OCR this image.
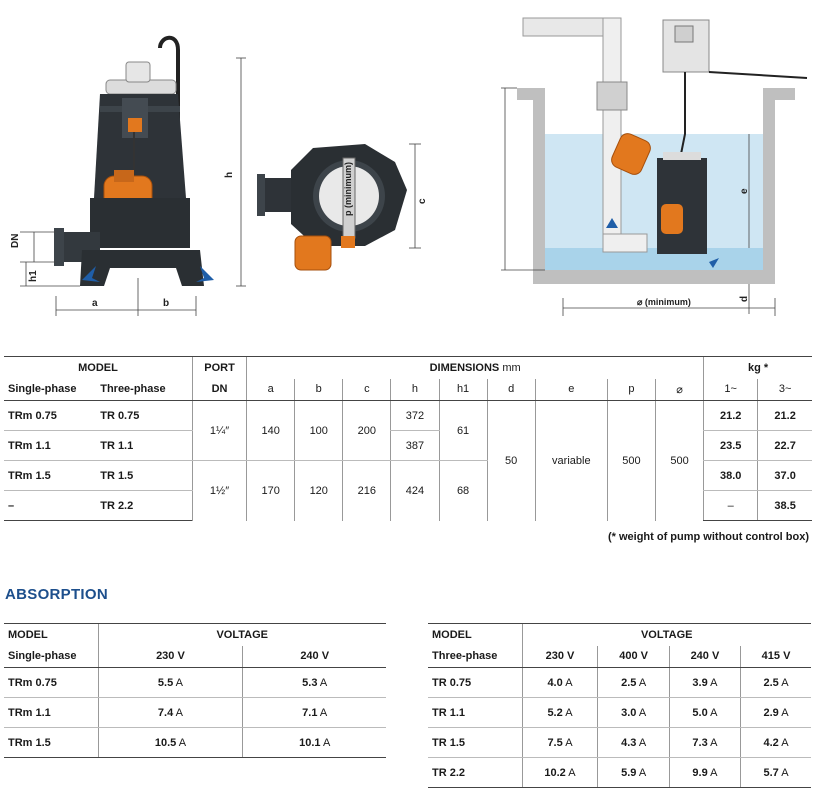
h
DN
h1
a	b
c
p (minimum)	e
d
⌀ (minimum)
MODEL		PORT	DIMENSIONS mm									kg *	
Single-phase	Three-phase	DN	a	b	c	h	h1	d	e	p	⌀	1~	3~
TRm 0.75	TR 0.75	1¼″	140	100	200	372	61	50	variable	500	500	21.2	21.2
TRm 1.1	TR 1.1					387						23.5	22.7
TRm 1.5	TR 1.5	1½″	170	120	216	424	68					38.0	37.0
–	TR 2.2											–	38.5
(* weight of pump without control box)
ABSORPTION
MODEL	VOLTAGE	
Single-phase	230 V	240 V
TRm 0.75	5.5 A	5.3 A
TRm 1.1	7.4 A	7.1 A
TRm 1.5	10.5 A	10.1 A
MODEL	VOLTAGE			
Three-phase	230 V	400 V	240 V	415 V
TR 0.75	4.0 A	2.5 A	3.9 A	2.5 A
TR 1.1	5.2 A	3.0 A	5.0 A	2.9 A
TR 1.5	7.5 A	4.3 A	7.3 A	4.2 A
TR 2.2	10.2 A	5.9 A	9.9 A	5.7 A
